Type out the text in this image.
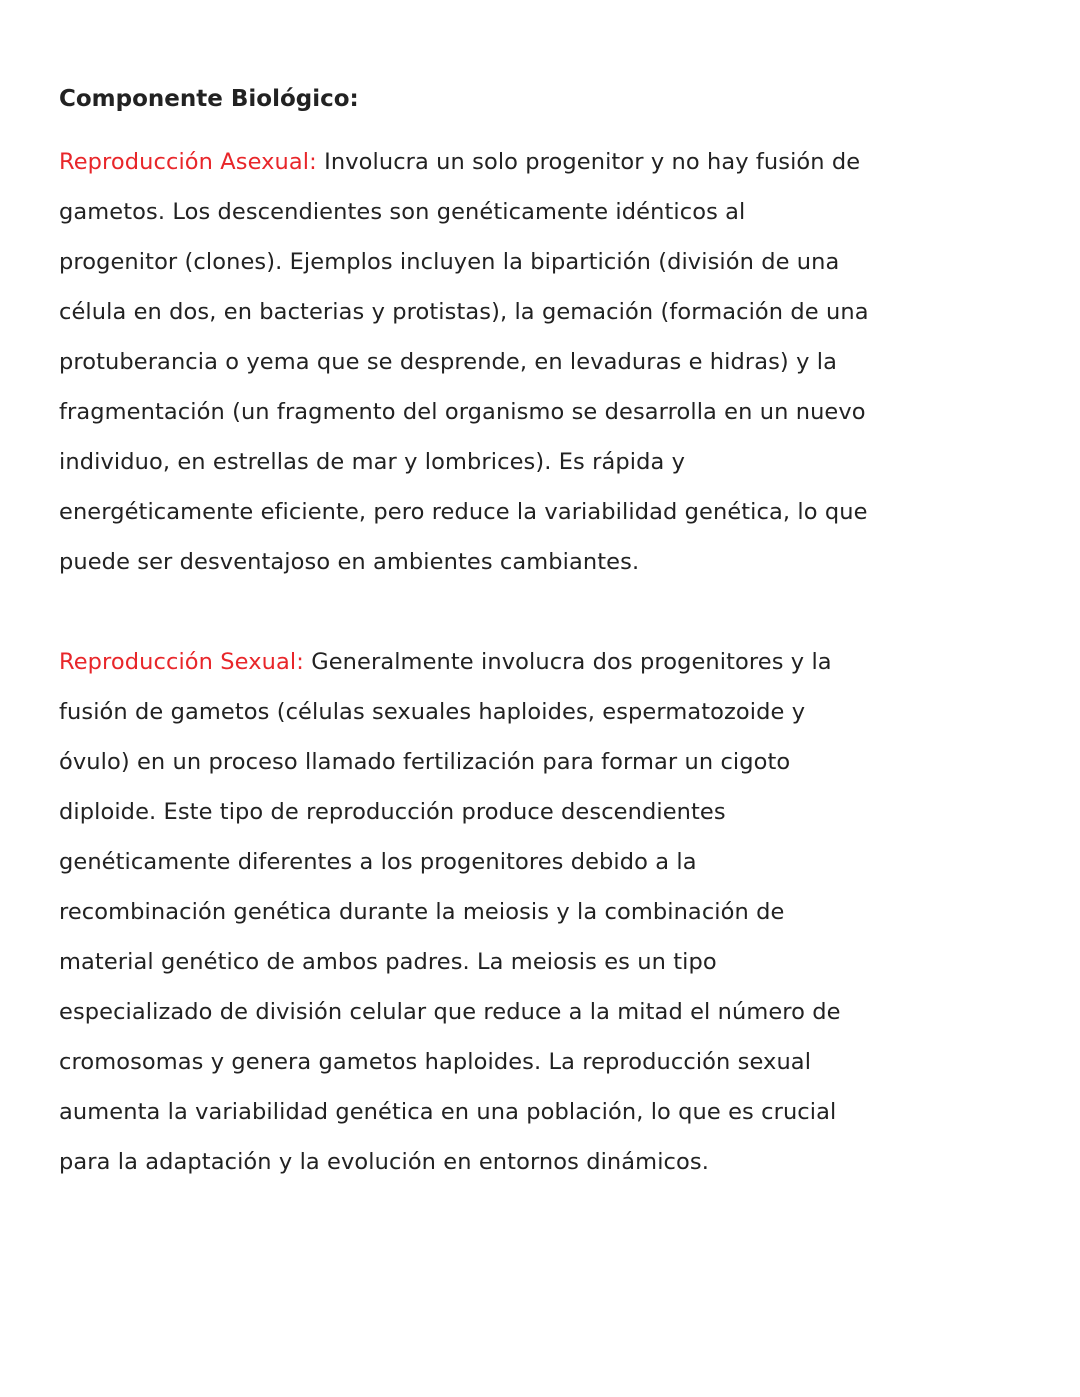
Componente Biológico:

Reproducción Asexual: Involucra un solo progenitor y no hay fusión de gametos. Los descendientes son genéticamente idénticos al progenitor (clones). Ejemplos incluyen la bipartición (división de una célula en dos, en bacterias y protistas), la gemación (formación de una protuberancia o yema que se desprende, en levaduras e hidras) y la fragmentación (un fragmento del organismo se desarrolla en un nuevo individuo, en estrellas de mar y lombrices). Es rápida y energéticamente eficiente, pero reduce la variabilidad genética, lo que puede ser desventajoso en ambientes cambiantes.

Reproducción Sexual: Generalmente involucra dos progenitores y la fusión de gametos (células sexuales haploides, espermatozoide y óvulo) en un proceso llamado fertilización para formar un cigoto diploide. Este tipo de reproducción produce descendientes genéticamente diferentes a los progenitores debido a la recombinación genética durante la meiosis y la combinación de material genético de ambos padres. La meiosis es un tipo especializado de división celular que reduce a la mitad el número de cromosomas y genera gametos haploides. La reproducción sexual aumenta la variabilidad genética en una población, lo que es crucial para la adaptación y la evolución en entornos dinámicos.
